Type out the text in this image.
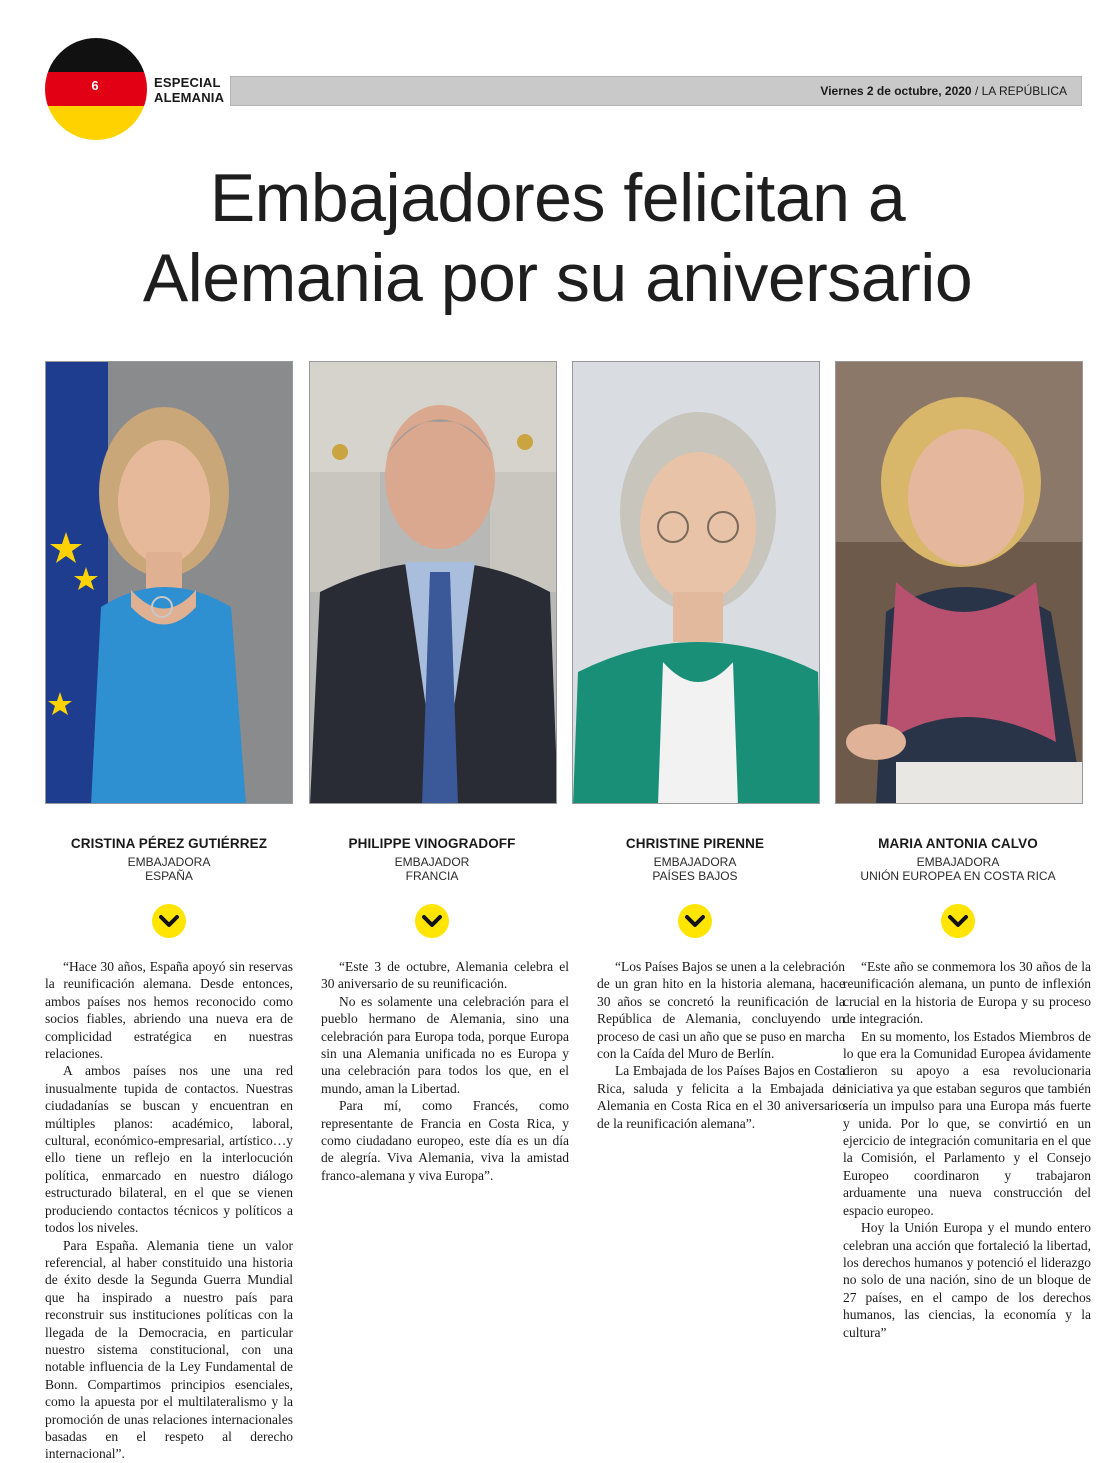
6	ESPECIAL
ALEMANIA	Viernes 2 de octubre, 2020 / LA REPÚBLICA
Embajadores felicitan a
Alemania por su aniversario
CRISTINA PÉREZ GUTIÉRREZ
EMBAJADORA
ESPAÑA
PHILIPPE VINOGRADOFF
EMBAJADOR
FRANCIA
CHRISTINE PIRENNE
EMBAJADORA
PAÍSES BAJOS
MARIA ANTONIA CALVO
EMBAJADORA
UNIÓN EUROPEA EN COSTA RICA

“Hace 30 años, España apoyó sin reservas la reunificación alemana. Desde entonces, ambos países nos hemos reconocido como socios fiables, abriendo una nueva era de complicidad estratégica en nuestras relaciones.

A ambos países nos une una red inusualmente tupida de contactos. Nuestras ciudadanías se buscan y encuentran en múltiples planos: académico, laboral, cultural, económico-empresarial, artístico…y ello tiene un reflejo en la interlocución política, enmarcado en nuestro diálogo estructurado bilateral, en el que se vienen produciendo contactos técnicos y políticos a todos los niveles.

Para España. Alemania tiene un valor referencial, al haber constituido una historia de éxito desde la Segunda Guerra Mundial que ha inspirado a nuestro país para reconstruir sus instituciones políticas con la llegada de la Democracia, en particular nuestro sistema constitucional, con una notable influencia de la Ley Fundamental de Bonn. Compartimos principios esenciales, como la apuesta por el multilateralismo y la promoción de unas relaciones internacionales basadas en el respeto al derecho internacional”.

“Este 3 de octubre, Alemania celebra el 30 aniversario de su reunificación.

No es solamente una celebración para el pueblo hermano de Alemania, sino una celebración para Europa toda, porque Europa sin una Alemania unificada no es Europa y una celebración para todos los que, en el mundo, aman la Libertad.

Para mí, como Francés, como representante de Francia en Costa Rica, y como ciudadano europeo, este día es un día de alegría. Viva Alemania, viva la amistad franco-alemana y viva Europa”.

“Los Países Bajos se unen a la celebración de un gran hito en la historia alemana, hace 30 años se concretó la reunificación de la República de Alemania, concluyendo un proceso de casi un año que se puso en marcha con la Caída del Muro de Berlín.

La Embajada de los Países Bajos en Costa Rica, saluda y felicita a la Embajada de Alemania en Costa Rica en el 30 aniversario de la reunificación alemana”.

“Este año se conmemora los 30 años de la reunificación alemana, un punto de inflexión crucial en la historia de Europa y su proceso de integración.

En su momento, los Estados Miembros de lo que era la Comunidad Europea ávidamente dieron su apoyo a esa revolucionaria iniciativa ya que estaban seguros que también sería un impulso para una Europa más fuerte y unida. Por lo que, se convirtió en un ejercicio de integración comunitaria en el que la Comisión, el Parlamento y el Consejo Europeo coordinaron y trabajaron arduamente una nueva construcción del espacio europeo.

Hoy la Unión Europa y el mundo entero celebran una acción que fortaleció la libertad, los derechos humanos y potenció el liderazgo no solo de una nación, sino de un bloque de 27 países, en el campo de los derechos humanos, las ciencias, la economía y la cultura”
